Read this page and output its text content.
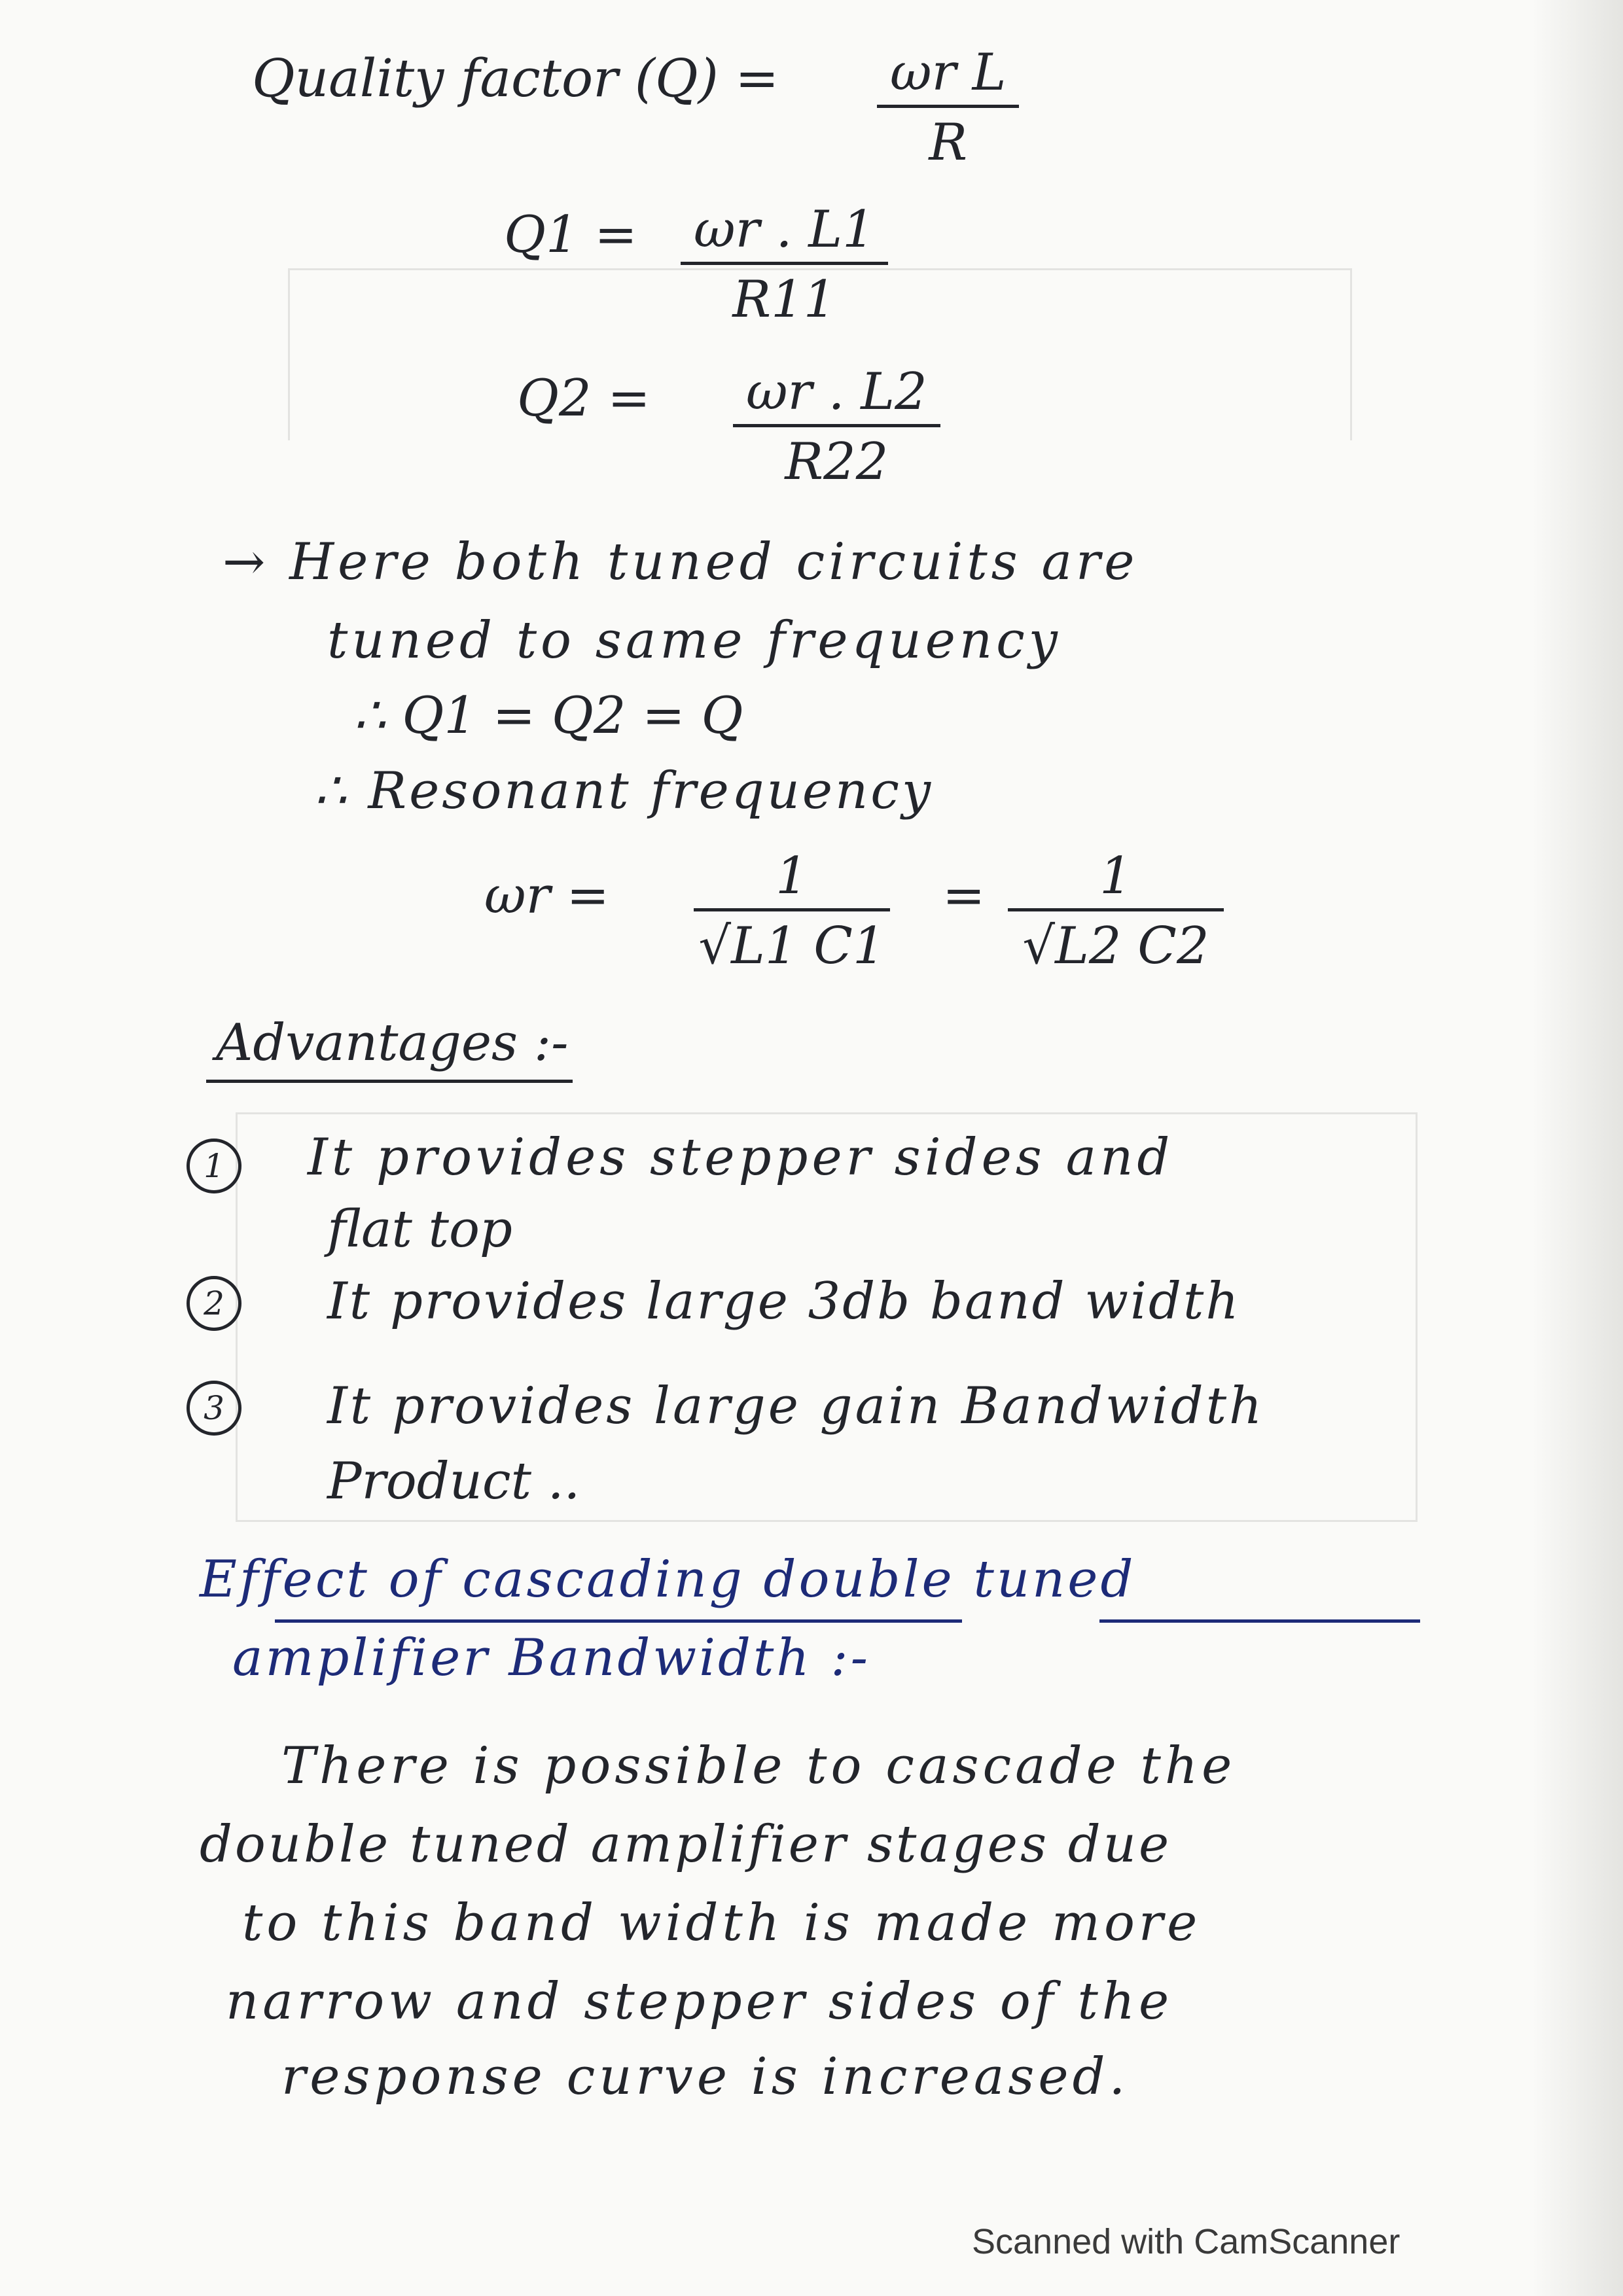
Quality factor $(Q) = \frac{\text{ωr L}}{R}$
$Q1 = \frac{\omega r . L1}{R11}$
$Q2 = \frac{\omega r . L2}{R22}$
→ Here both tuned circuits are
tuned to same frequency
∴ Q1 = Q2 = Q
∴ Resonant frequency
$\omega r = \frac{1}{√L1 C1} = \frac{1}{√L2 C2}$
Advantages :-
1	It provides stepper sides and
flat top
2	It provides large 3db band width
3	It provides large gain Bandwidth
Product ..
Effect of cascading double tuned
amplifier Bandwidth :-
There is possible to cascade the
double tuned amplifier stages due
to this band width is made more
narrow and stepper sides of the
response curve is increased.
Scanned with CamScanner
